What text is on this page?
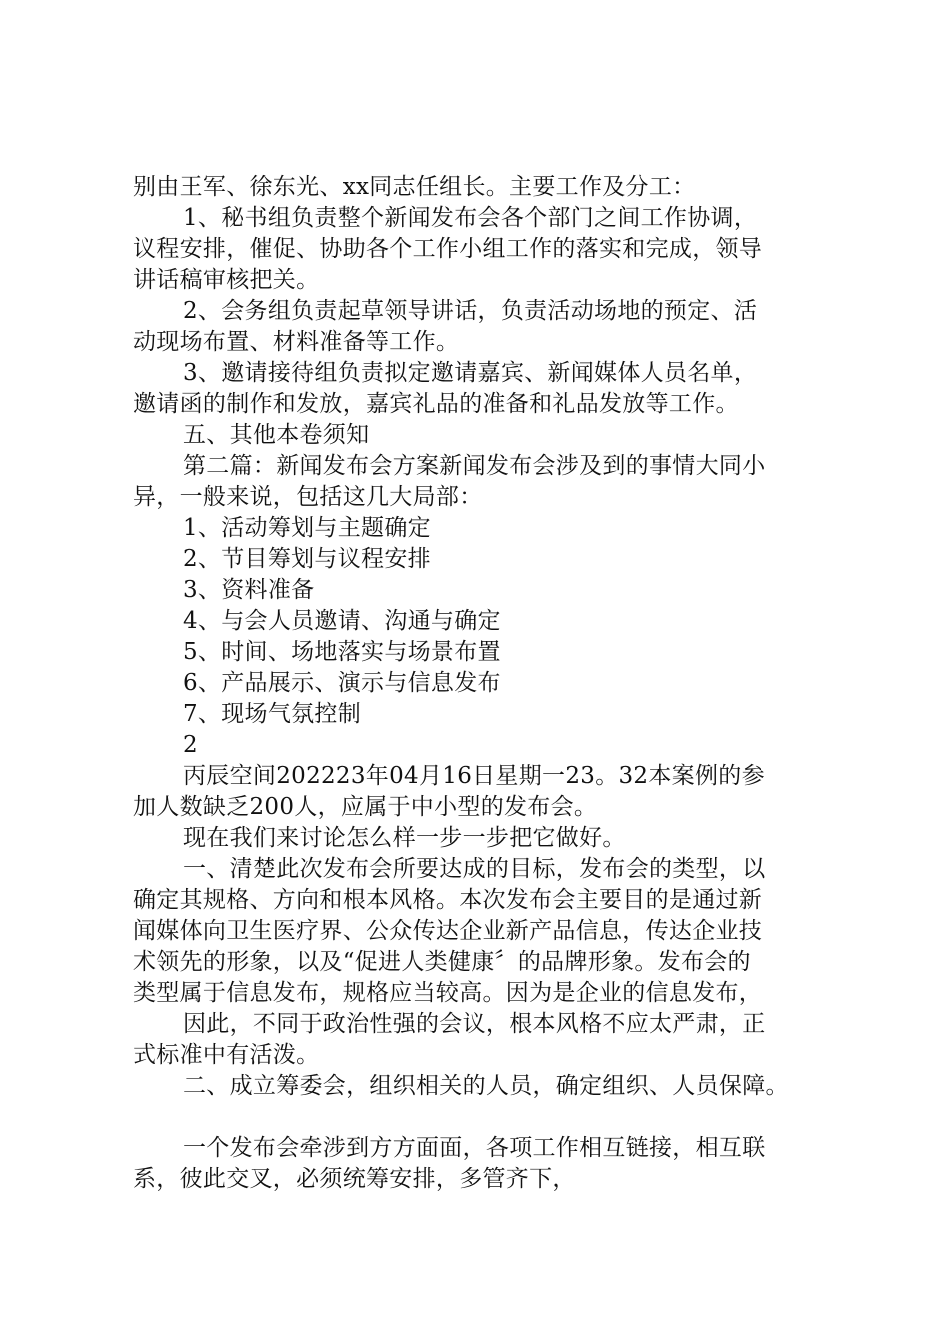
别由王军、徐东光、xx同志任组长。主要工作及分工：
1、秘书组负责整个新闻发布会各个部门之间工作协调，
议程安排，催促、协助各个工作小组工作的落实和完成，领导
讲话稿审核把关。
2、会务组负责起草领导讲话，负责活动场地的预定、活
动现场布置、材料准备等工作。
3、邀请接待组负责拟定邀请嘉宾、新闻媒体人员名单，
邀请函的制作和发放，嘉宾礼品的准备和礼品发放等工作。
五、其他本卷须知
第二篇：新闻发布会方案新闻发布会涉及到的事情大同小
异，一般来说，包括这几大局部：
1、活动筹划与主题确定
2、节目筹划与议程安排
3、资料准备
4、与会人员邀请、沟通与确定
5、时间、场地落实与场景布置
6、产品展示、演示与信息发布
7、现场气氛控制
2
丙辰空间202223年04月16日星期一23。32本案例的参
加人数缺乏200人，应属于中小型的发布会。
现在我们来讨论怎么样一步一步把它做好。
一、清楚此次发布会所要达成的目标，发布会的类型，以
确定其规格、方向和根本风格。本次发布会主要目的是通过新
闻媒体向卫生医疗界、公众传达企业新产品信息，传达企业技
术领先的形象，以及“促进人类健康〞的品牌形象。发布会的
类型属于信息发布，规格应当较高。因为是企业的信息发布，
因此，不同于政治性强的会议，根本风格不应太严肃，正
式标准中有活泼。
二、成立筹委会，组织相关的人员，确定组织、人员保障。
一个发布会牵涉到方方面面，各项工作相互链接，相互联
系，彼此交叉，必须统筹安排，多管齐下，
